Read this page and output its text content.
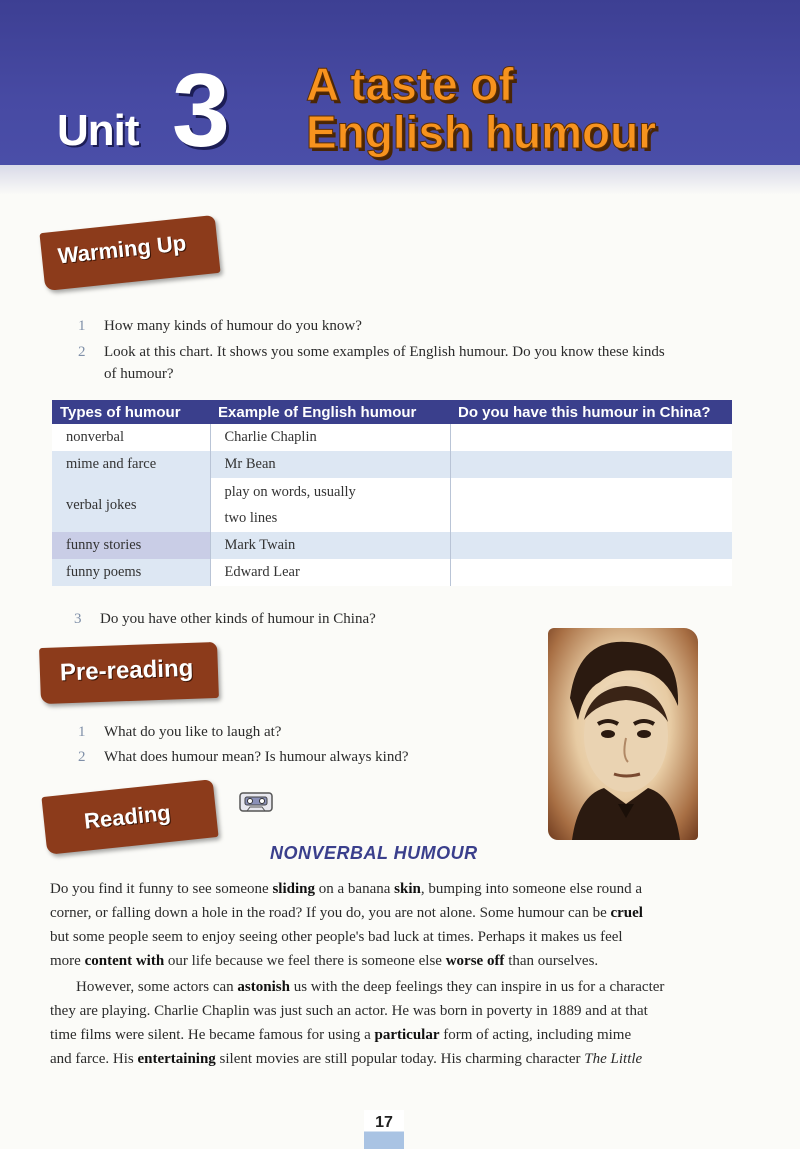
Unit 3 A taste of
English humour
Warming Up
1 How many kinds of humour do you know?
2 Look at this chart. It shows you some examples of English humour. Do you know these kinds
of humour?
Types of humour	Example of English humour	Do you have this humour in China?
nonverbal	Charlie Chaplin	
mime and farce	Mr Bean	
verbal jokes	play on words, usually
two lines	

funny stories	Mark Twain	
funny poems	Edward Lear	
3 Do you have other kinds of humour in China?
Pre-reading
1 What do you like to laugh at?
2 What does humour mean? Is humour always kind?
Reading
NONVERBAL HUMOUR
Do you find it funny to see someone sliding on a banana skin, bumping into someone else round a
corner, or falling down a hole in the road? If you do, you are not alone. Some humour can be cruel
but some people seem to enjoy seeing other people's bad luck at times. Perhaps it makes us feel
more content with our life because we feel there is someone else worse off than ourselves.
However, some actors can astonish us with the deep feelings they can inspire in us for a character
they are playing. Charlie Chaplin was just such an actor. He was born in poverty in 1889 and at that
time films were silent. He became famous for using a particular form of acting, including mime
and farce. His entertaining silent movies are still popular today. His charming character The Little
17
